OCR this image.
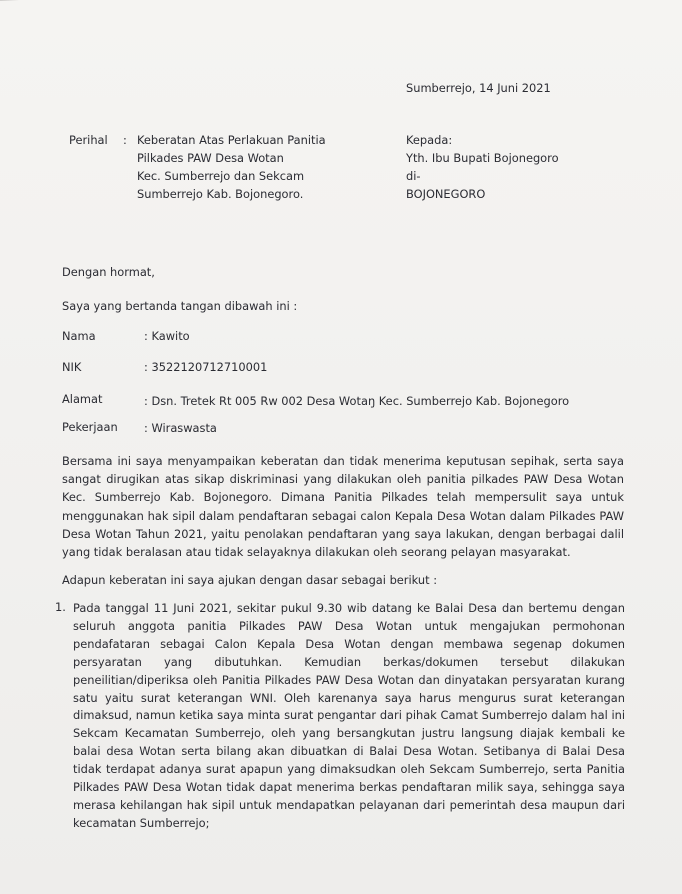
Sumberrejo, 14 Juni 2021
Perihal : Keberatan Atas Perlakuan Panitia
Pilkades PAW Desa Wotan
Kec. Sumberrejo dan Sekcam
Sumberrejo Kab. Bojonegoro.
Kepada:
Yth. Ibu Bupati Bojonegoro
di-
BOJONEGORO
Dengan hormat,
Saya yang bertanda tangan dibawah ini :
Nama	: Kawito
NIK	: 3522120712710001
Alamat	: Dsn. Tretek Rt 005 Rw 002 Desa Wotaŋ Kec. Sumberrejo Kab. Bojonegoro
Pekerjaan : Wiraswasta
Bersama ini saya menyampaikan keberatan dan tidak menerima keputusan sepihak, serta saya sangat dirugikan atas sikap diskriminasi yang dilakukan oleh panitia pilkades PAW Desa Wotan Kec. Sumberrejo Kab. Bojonegoro. Dimana Panitia Pilkades telah mempersulit saya untuk menggunakan hak sipil dalam pendaftaran sebagai calon Kepala Desa Wotan dalam Pilkades PAW Desa Wotan Tahun 2021, yaitu penolakan pendaftaran yang saya lakukan, dengan berbagai dalil yang tidak beralasan atau tidak selayaknya dilakukan oleh seorang pelayan masyarakat.
Adapun keberatan ini saya ajukan dengan dasar sebagai berikut :
1. Pada tanggal 11 Juni 2021, sekitar pukul 9.30 wib datang ke Balai Desa dan bertemu dengan seluruh anggota panitia Pilkades PAW Desa Wotan untuk mengajukan permohonan pendafataran sebagai Calon Kepala Desa Wotan dengan membawa segenap dokumen persyaratan yang dibutuhkan. Kemudian berkas/dokumen tersebut dilakukan peneilitian/diperiksa oleh Panitia Pilkades PAW Desa Wotan dan dinyatakan persyaratan kurang satu yaitu surat keterangan WNI. Oleh karenanya saya harus mengurus surat keterangan dimaksud, namun ketika saya minta surat pengantar dari pihak Camat Sumberrejo dalam hal ini Sekcam Kecamatan Sumberrejo, oleh yang bersangkutan justru langsung diajak kembali ke balai desa Wotan serta bilang akan dibuatkan di Balai Desa Wotan. Setibanya di Balai Desa tidak terdapat adanya surat apapun yang dimaksudkan oleh Sekcam Sumberrejo, serta Panitia Pilkades PAW Desa Wotan tidak dapat menerima berkas pendaftaran milik saya, sehingga saya merasa kehilangan hak sipil untuk mendapatkan pelayanan dari pemerintah desa maupun dari kecamatan Sumberrejo;
